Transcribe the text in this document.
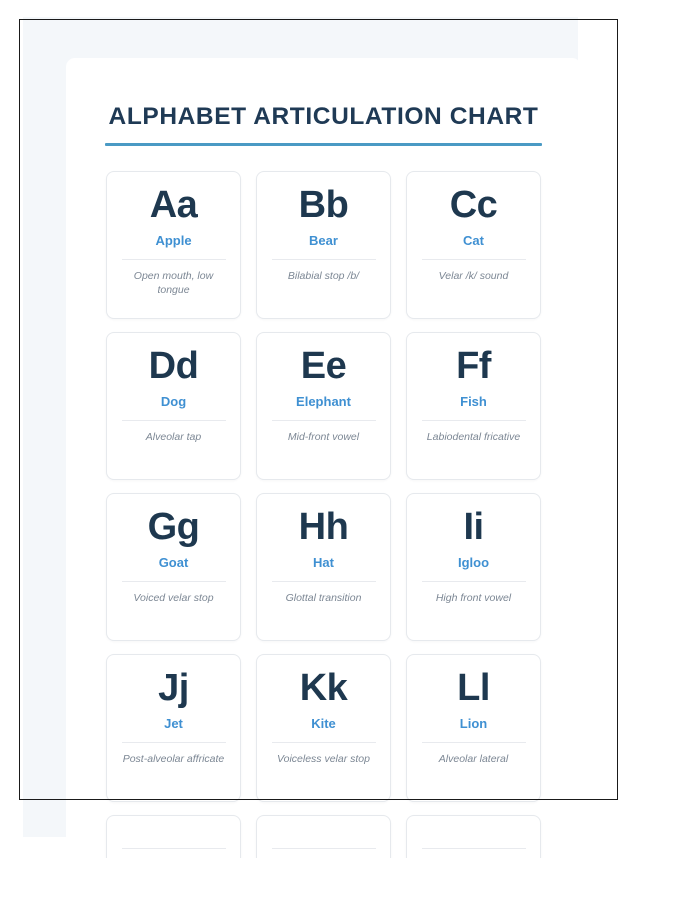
ALPHABET ARTICULATION CHART
Aa
Apple
Open mouth, low tongue
Bb
Bear
Bilabial stop /b/
Cc
Cat
Velar /k/ sound
Dd
Dog
Alveolar tap
Ee
Elephant
Mid-front vowel
Ff
Fish
Labiodental fricative
Gg
Goat
Voiced velar stop
Hh
Hat
Glottal transition
Ii
Igloo
High front vowel
Jj
Jet
Post-alveolar affricate
Kk
Kite
Voiceless velar stop
Ll
Lion
Alveolar lateral
